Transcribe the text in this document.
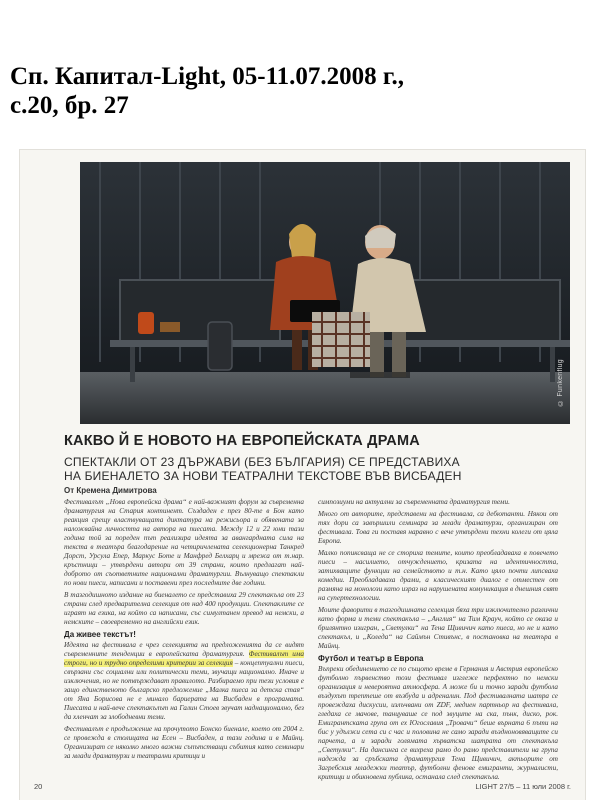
Сп. Капитал-Light, 05-11.07.2008 г.,
с.20, бр. 27
© Funkenflug
КАКВО Й Е НОВОТО НА ЕВРОПЕЙСКАТА ДРАМА
СПЕКТАКЛИ ОТ 23 ДЪРЖАВИ (БЕЗ БЪЛГАРИЯ) СЕ ПРЕДСТАВИХА
НА БИЕНАЛЕТО ЗА НОВИ ТЕАТРАЛНИ ТЕКСТОВЕ ВЪВ ВИСБАДЕН
От Кремена Димитрова

Фестивалът „Нова европейска драма“ е най-важният форум за съвременна драматургия на Стария континент. Създаден е през 80-те в Бон като реакция срещу властвуващата диктатура на режисьора и обявената за наложвайна личността на автора на пиесата. Между 12 и 22 юни тази година той за пореден път реализира идеята за авангардната сила на текста в театъра благодарение на четиричлената селекционерна Танкред Дорст, Урсула Епер, Маркус Боте и Манфред Белхарц и мрежа от т.нар. кръстници – утвърдени автори от 39 страни, които предлагат най-доброто от съответните национални драматургии. Вълнуващо спектакли по нови пиеси, написани и поставени през последните две години.

В тазгодишното издание на биеналето се представиха 29 спектакъла от 23 страни след предварителна селекция от над 400 продукции. Спектаклите се играят на езика, на който са написани, със симултанен превод на немски, а немските – своевременно на английски език.

Да живее текстът!

Идеята на фестивала е чрез селекцията на предложенията да се видят съвременните тенденции в европейската драматургия. Фестивалът има строги, но и трудно определими критерии за селекция – концептуални пиеси, свързани със социални или политически теми, звучащи национално. Иначе и изключения, но не потвърждават правилото. Разбираемо при тези условия е защо единственото българско предложение „Малка пиеса за детска стая“ от Яна Борисова не е минало бариерата на Висбаден в програмата. Пиесата и най-вече спектакълът на Галин Стоев звучат наднационално, без да хленчат за злободневни теми.

Фестивалът е продължение на прочутото Бонско биенале, което от 2004 г. се провежда в столицата на Есен – Висбаден, а тази година и в Майнц. Организират се няколко много важни съпътстващи събития като семинари за млади драматурзи и театрални критици и

симпозиуми на актуални за съвременната драматургия теми.

Много от авторите, представени на фестивала, са дебютанти. Някои от тях дори са завършили семинара за млади драматурзи, организиран от фестивала. Това ги поставя наравно с вече утвърдени техни колеги от цяла Европа.

Малко попиксваща не се сториха темите, които преобладаваха в повечето пиеси – насилието, отчуждението, кризата на идентичността, затихващите функции на семейството и т.н. Като цяло почти липсваха комедии. Преобладаваха драми, а класическият диалог е отместен от размяна на монолози като израз на нарушената комуникация в днешния свят на супертехнологии.

Моите фаворити в тазгодишната селекция бяха три изключително различни като форма и теми спектакъла – „Англия“ на Тим Крауч, който се оказа и брилянтно изигран, „Светулки“ на Тена Щивичич като пиеса, но не и като спектакъл, и „Коледа“ на Саймън Стивънс, в постановка на театъра в Майнц.

Футбол и театър в Европа

Въпреки обединението се по същото време в Германия и Австрия европейско футболно първенство този фестивал изглеже перфектно по немски организация и невероятна атмосфера. А може би и точно заради футбола въздухът трептеше от възбуда и адреналин. Под фестивалната шатра се провеждаха дискусии, излъчвани от ZDF, медиен партньор на фестивала, гледаха се мачове, танцуваше се под звуците на ска, пънк, диско, рок. Емигрантската група от ex Югославия „Тровачи“ беше върната 6 пъти на бис у удължи сета си с час и половина не само заради въздноновяващите си парчета, а и заради голямата хърватска шатрата от спектакъла „Светулки“. На дансинга се вихреха рамо до рамо представители на група надежда за сръбската драматургия Тена Щивичич, актьорите от Загребския младежки театър, футболни фенове емигранти, журналисти, критици и обикновена публика, останала след спектакъла.

20	LIGHT 27/5 – 11 юли 2008 г.
